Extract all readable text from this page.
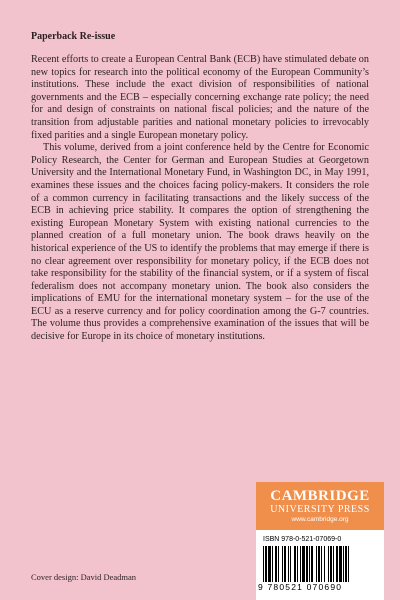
Paperback Re-issue

Recent efforts to create a European Central Bank (ECB) have stimulated debate on new topics for research into the political economy of the European Community’s institutions. These include the exact division of responsibilities of national governments and the ECB – especially concerning exchange rate policy; the need for and design of constraints on national fiscal policies; and the nature of the transition from adjustable parities and national monetary policies to irrevocably fixed parities and a single European monetary policy.

This volume, derived from a joint conference held by the Centre for Economic Policy Research, the Center for German and European Studies at Georgetown University and the International Monetary Fund, in Washington DC, in May 1991, examines these issues and the choices facing policy-makers. It considers the role of a common currency in facilitating transactions and the likely success of the ECB in achieving price stability. It compares the option of strengthening the existing European Monetary System with existing national currencies to the planned creation of a full monetary union. The book draws heavily on the historical experience of the US to identify the problems that may emerge if there is no clear agreement over responsibility for monetary policy, if the ECB does not take responsibility for the stability of the financial system, or if a system of fiscal federalism does not accompany monetary union. The book also considers the implications of EMU for the international monetary system – for the use of the ECU as a reserve currency and for policy coordination among the G-7 countries. The volume thus provides a comprehensive examination of the issues that will be decisive for Europe in its choice of monetary institutions.

Cover design: David Deadman
CAMBRIDGE
UNIVERSITY PRESS
www.cambridge.org
ISBN 978-0-521-07069-0
9 780521 070690
